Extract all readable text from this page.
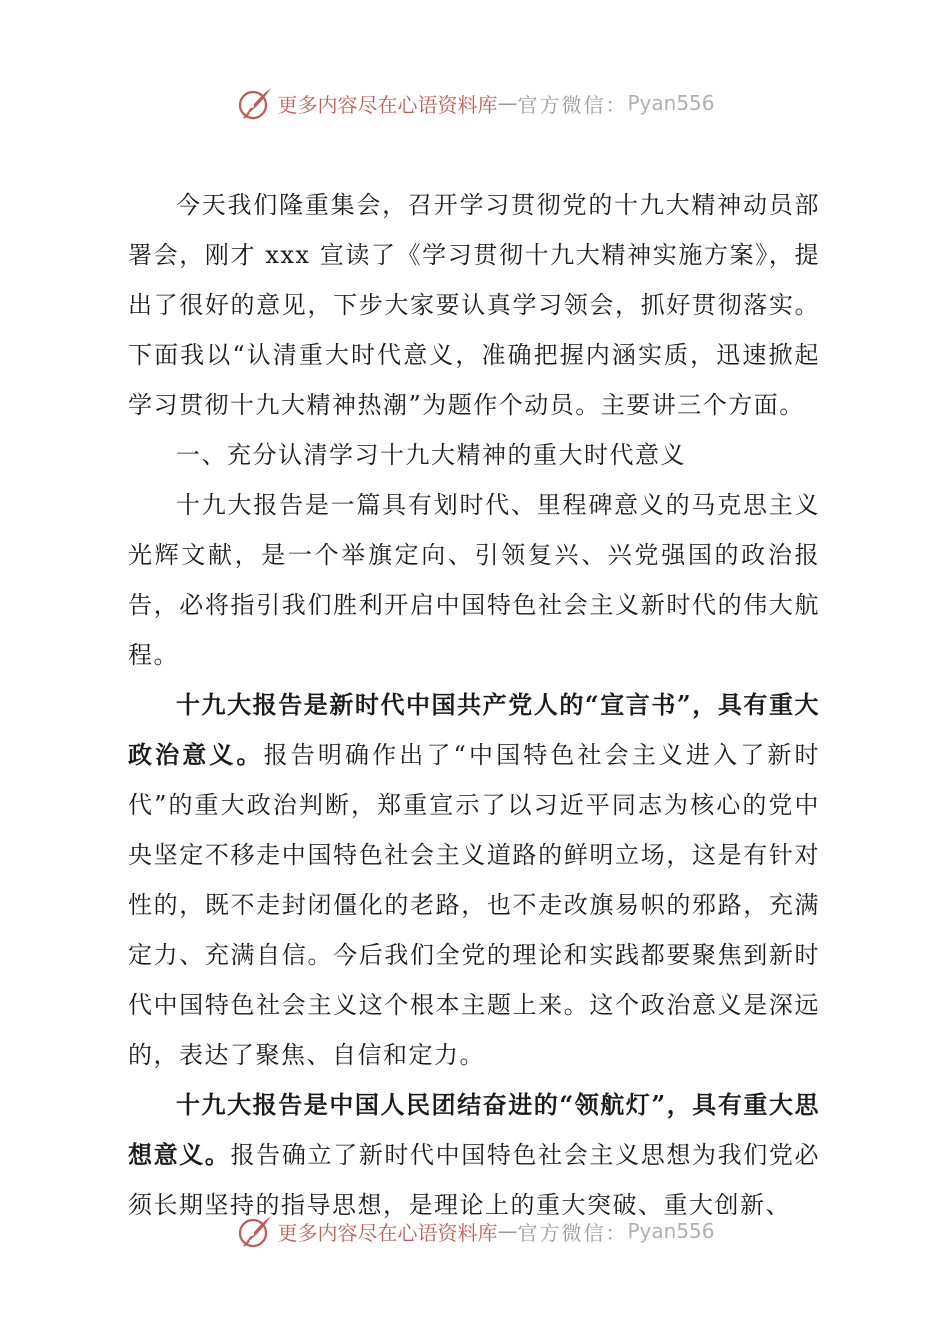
更多内容尽在心语资料库 — 官方微信： Pyan556

今天我们隆重集会，召开学习贯彻党的十九大精神动员部署会，刚才 xxx 宣读了《学习贯彻十九大精神实施方案》，提出了很好的意见，下步大家要认真学习领会，抓好贯彻落实。下面我以“认清重大时代意义，准确把握内涵实质，迅速掀起学习贯彻十九大精神热潮”为题作个动员。主要讲三个方面。

一、充分认清学习十九大精神的重大时代意义

十九大报告是一篇具有划时代、里程碑意义的马克思主义光辉文献，是一个举旗定向、引领复兴、兴党强国的政治报告，必将指引我们胜利开启中国特色社会主义新时代的伟大航程。

十九大报告是新时代中国共产党人的“宣言书”，具有重大政治意义。报告明确作出了“中国特色社会主义进入了新时代”的重大政治判断，郑重宣示了以习近平同志为核心的党中央坚定不移走中国特色社会主义道路的鲜明立场，这是有针对性的，既不走封闭僵化的老路，也不走改旗易帜的邪路，充满定力、充满自信。今后我们全党的理论和实践都要聚焦到新时代中国特色社会主义这个根本主题上来。这个政治意义是深远的，表达了聚焦、自信和定力。

十九大报告是中国人民团结奋进的“领航灯”，具有重大思想意义。报告确立了新时代中国特色社会主义思想为我们党必须长期坚持的指导思想，是理论上的重大突破、重大创新、

更多内容尽在心语资料库 — 官方微信： Pyan556
